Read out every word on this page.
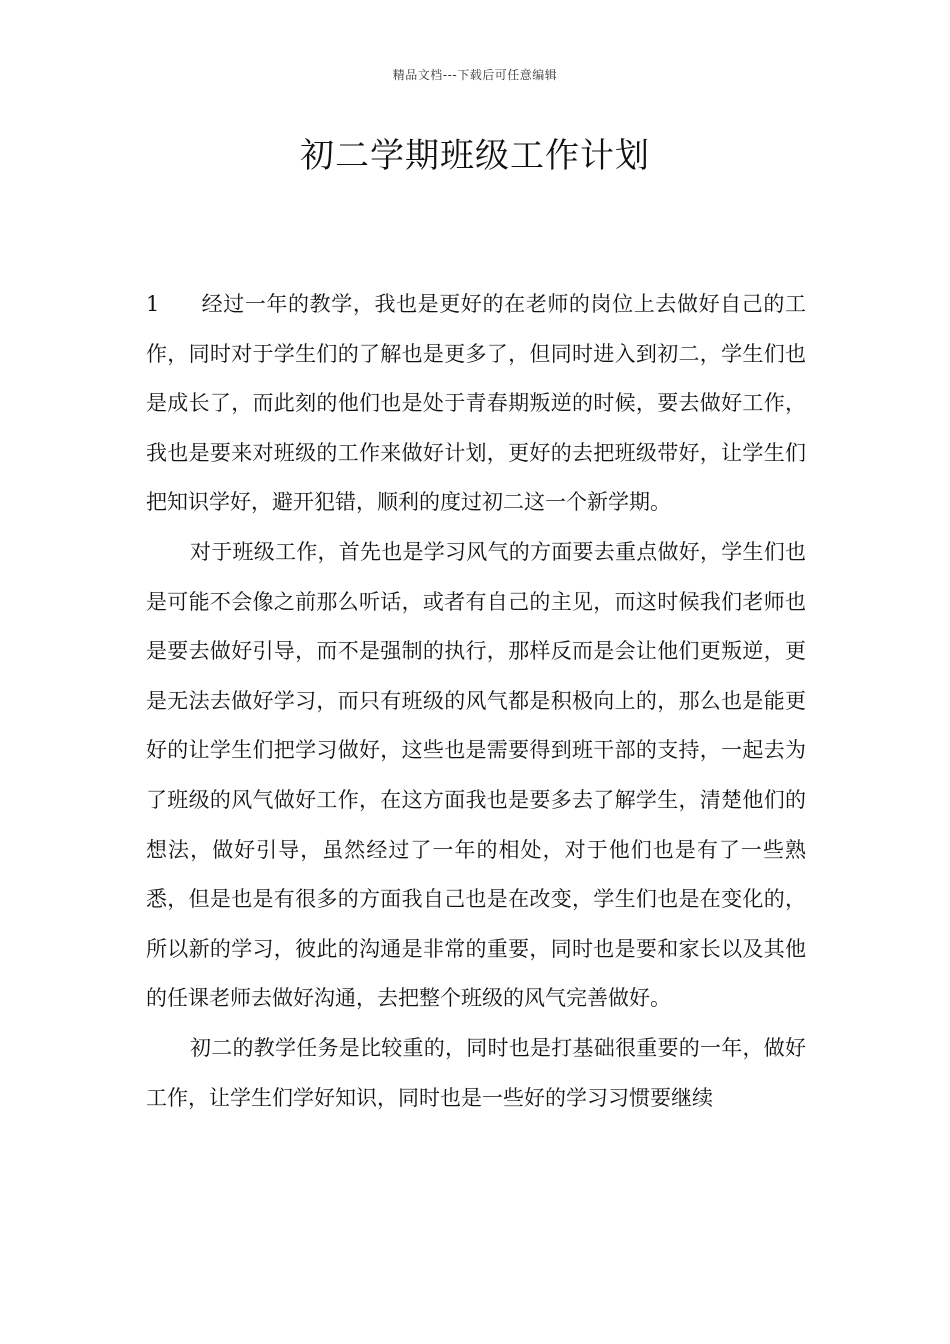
精品文档---下载后可任意编辑
初二学期班级工作计划

1 经过一年的教学，我也是更好的在老师的岗位上去做好自己的工作，同时对于学生们的了解也是更多了，但同时进入到初二，学生们也是成长了，而此刻的他们也是处于青春期叛逆的时候，要去做好工作，我也是要来对班级的工作来做好计划，更好的去把班级带好，让学生们把知识学好，避开犯错，顺利的度过初二这一个新学期。

对于班级工作，首先也是学习风气的方面要去重点做好，学生们也是可能不会像之前那么听话，或者有自己的主见，而这时候我们老师也是要去做好引导，而不是强制的执行，那样反而是会让他们更叛逆，更是无法去做好学习，而只有班级的风气都是积极向上的，那么也是能更好的让学生们把学习做好，这些也是需要得到班干部的支持，一起去为了班级的风气做好工作，在这方面我也是要多去了解学生，清楚他们的想法，做好引导，虽然经过了一年的相处，对于他们也是有了一些熟悉，但是也是有很多的方面我自己也是在改变，学生们也是在变化的，所以新的学习，彼此的沟通是非常的重要，同时也是要和家长以及其他的任课老师去做好沟通，去把整个班级的风气完善做好。

初二的教学任务是比较重的，同时也是打基础很重要的一年，做好工作，让学生们学好知识，同时也是一些好的学习习惯要继续
